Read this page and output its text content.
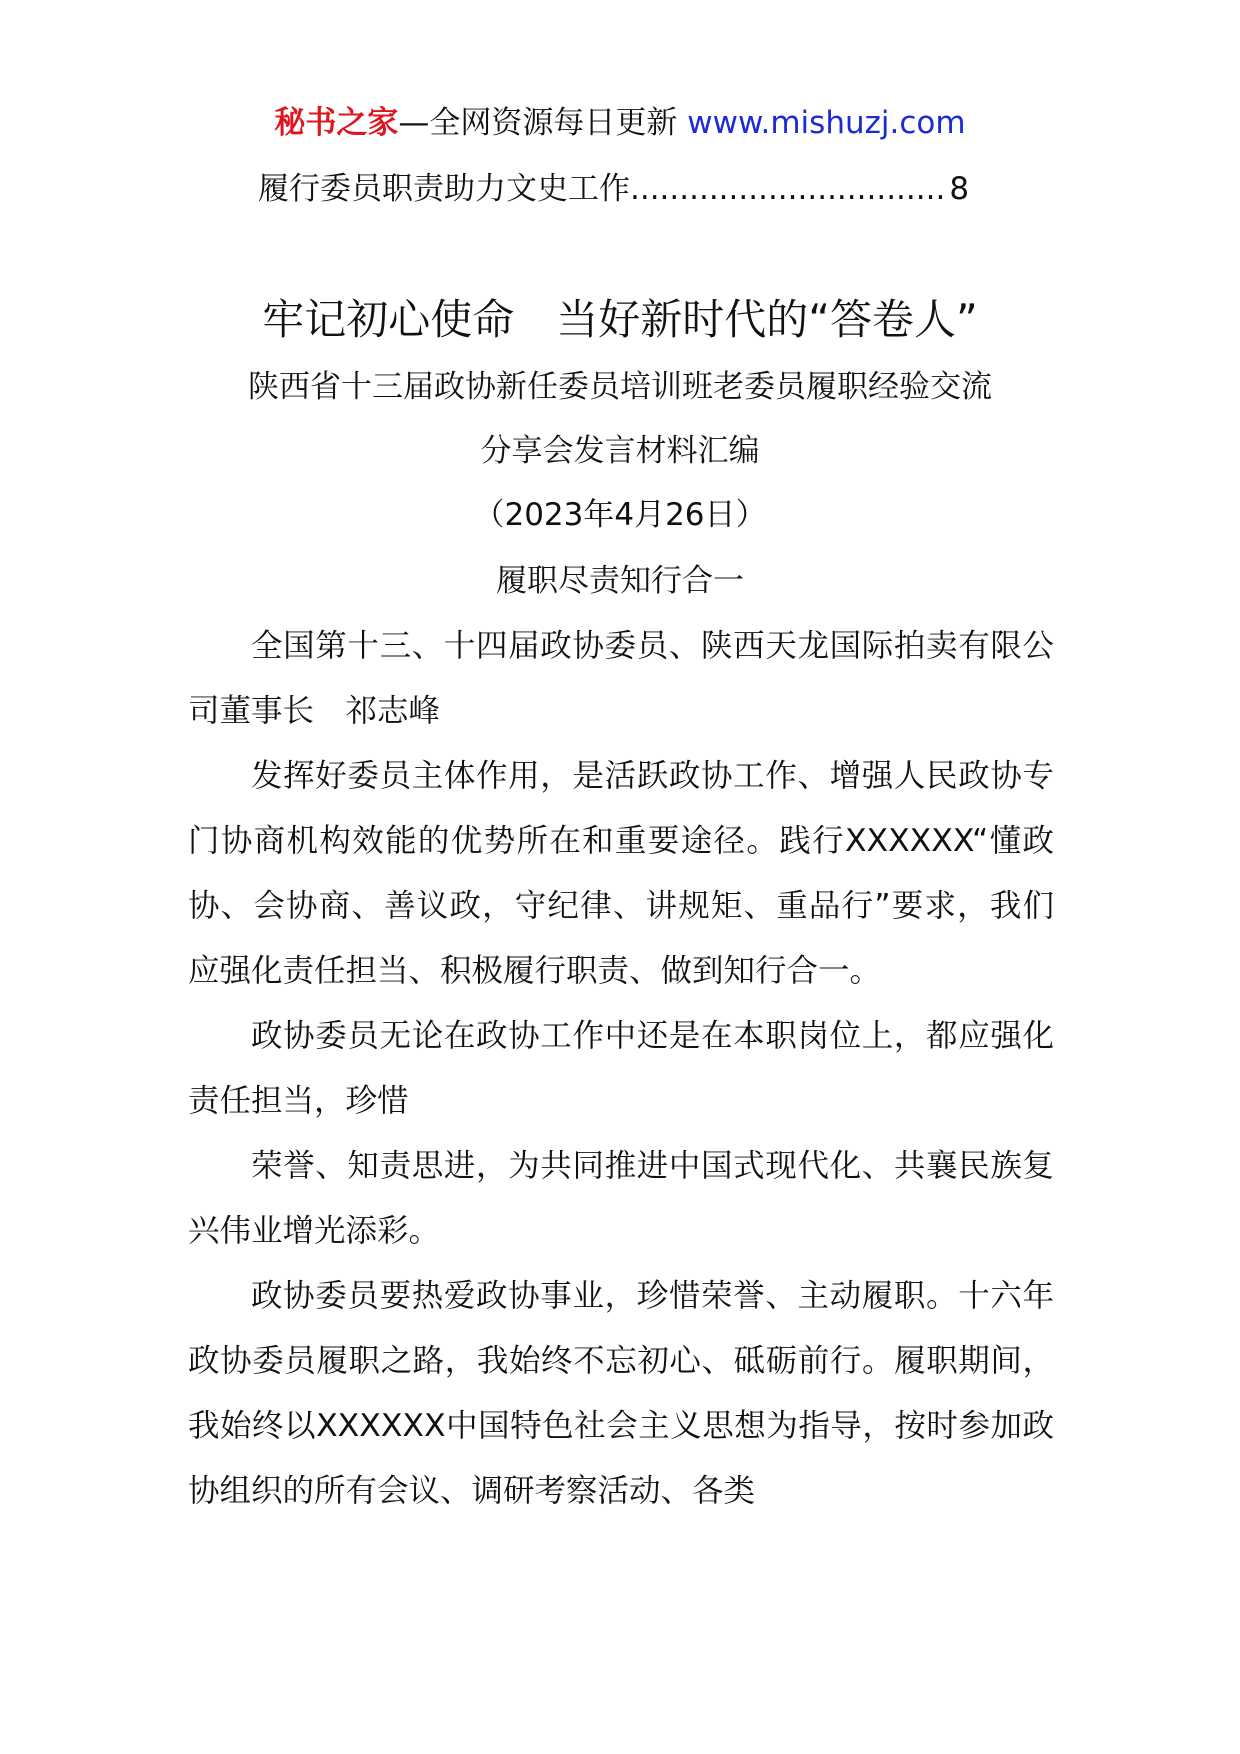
秘书之家—全网资源每日更新 www.mishuzj.com
履行委员职责助力文史工作 ................................ 8
牢记初心使命　当好新时代的“答卷人”
陕西省十三届政协新任委员培训班老委员履职经验交流
分享会发言材料汇编
（2023年4月26日）
履职尽责知行合一

全国第十三、十四届政协委员、陕西天龙国际拍卖有限公司董事长　祁志峰

发挥好委员主体作用，是活跃政协工作、增强人民政协专门协商机构效能的优势所在和重要途径。践行XXXXXX“懂政协、会协商、善议政，守纪律、讲规矩、重品行”要求，我们应强化责任担当、积极履行职责、做到知行合一。

政协委员无论在政协工作中还是在本职岗位上，都应强化责任担当，珍惜

荣誉、知责思进，为共同推进中国式现代化、共襄民族复兴伟业增光添彩。

政协委员要热爱政协事业，珍惜荣誉、主动履职。十六年政协委员履职之路，我始终不忘初心、砥砺前行。履职期间，我始终以XXXXXX中国特色社会主义思想为指导，按时参加政协组织的所有会议、调研考察活动、各类
